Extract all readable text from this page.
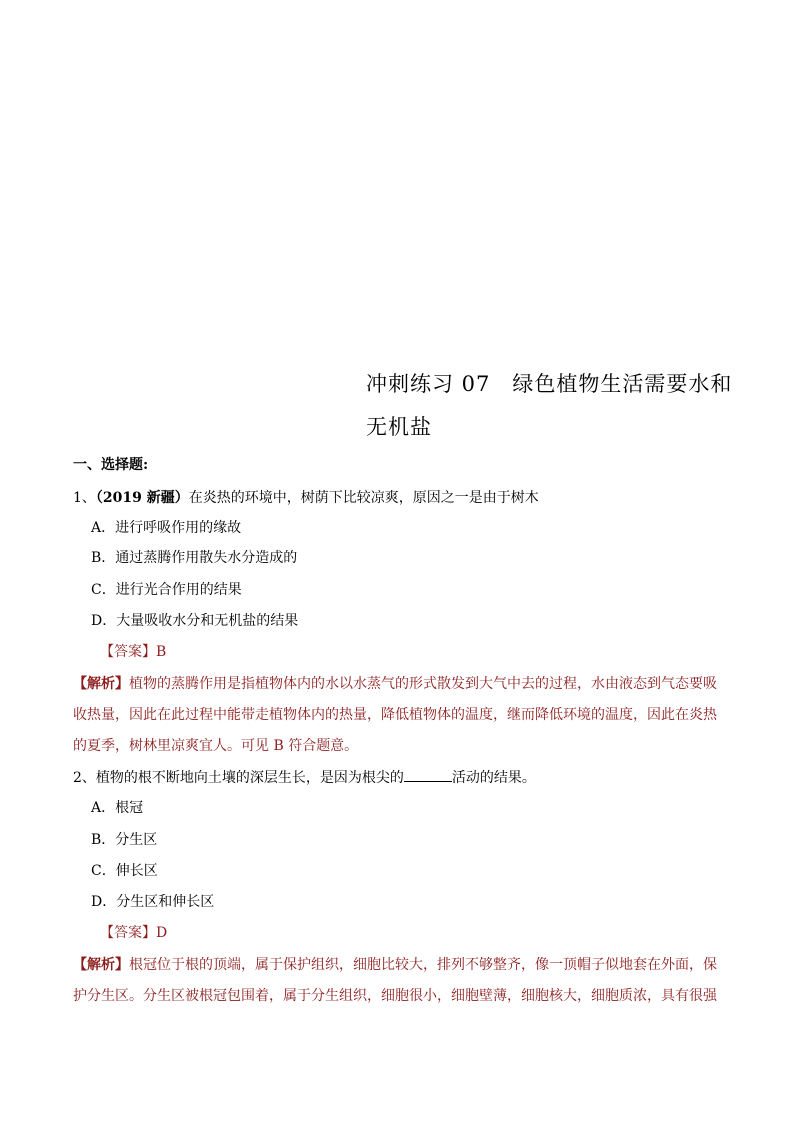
冲刺练习 07　绿色植物生活需要水和
无机盐
一、选择题:
1、（2019 新疆）在炎热的环境中，树荫下比较凉爽，原因之一是由于树木
A．进行呼吸作用的缘故
B．通过蒸腾作用散失水分造成的
C．进行光合作用的结果
D．大量吸收水分和无机盐的结果
【答案】B
【解析】植物的蒸腾作用是指植物体内的水以水蒸气的形式散发到大气中去的过程，水由液态到气态要吸
收热量，因此在此过程中能带走植物体内的热量，降低植物体的温度，继而降低环境的温度，因此在炎热
的夏季，树林里凉爽宜人。可见 B 符合题意。
2、植物的根不断地向土壤的深层生长，是因为根尖的	活动的结果。
A．根冠
B．分生区
C．伸长区
D．分生区和伸长区
【答案】D
【解析】根冠位于根的顶端，属于保护组织，细胞比较大，排列不够整齐，像一顶帽子似地套在外面，保
护分生区。分生区被根冠包围着，属于分生组织，细胞很小，细胞壁薄，细胞核大，细胞质浓，具有很强
